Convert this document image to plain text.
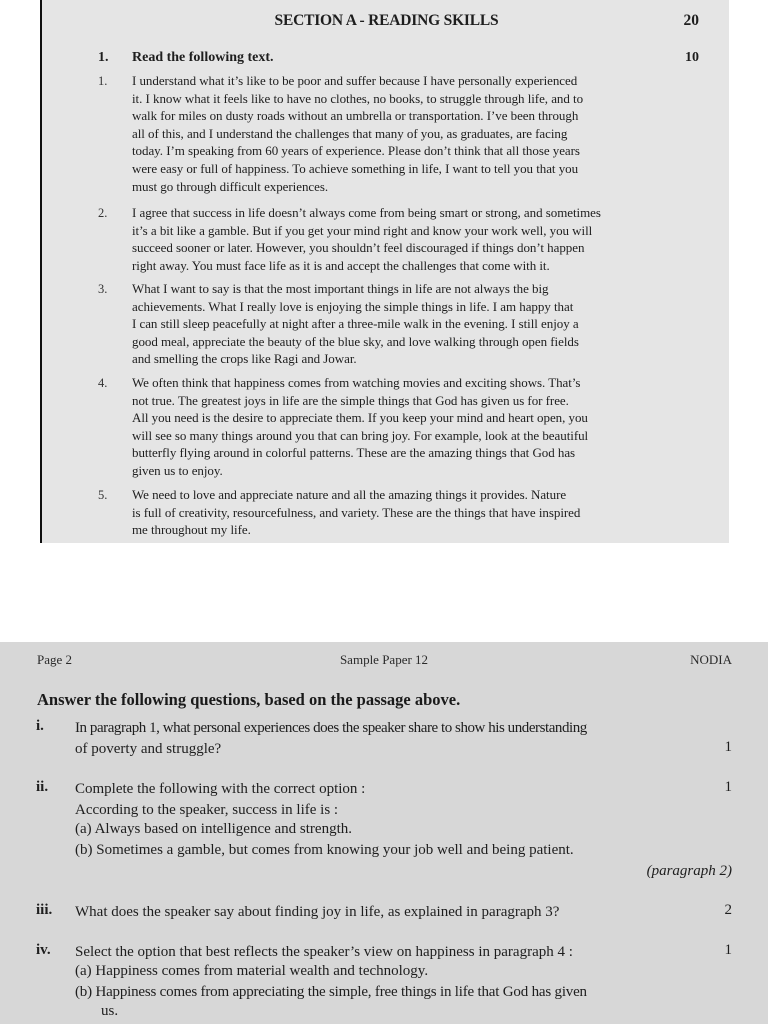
SECTION A - READING SKILLS	20
1. Read the following text.	10
1. I understand what it’s like to be poor and suffer because I have personally experienced
it. I know what it feels like to have no clothes, no books, to struggle through life, and to
walk for miles on dusty roads without an umbrella or transportation. I’ve been through
all of this, and I understand the challenges that many of you, as graduates, are facing
today. I’m speaking from 60 years of experience. Please don’t think that all those years
were easy or full of happiness. To achieve something in life, I want to tell you that you
must go through difficult experiences.
2. I agree that success in life doesn’t always come from being smart or strong, and sometimes
it’s a bit like a gamble. But if you get your mind right and know your work well, you will
succeed sooner or later. However, you shouldn’t feel discouraged if things don’t happen
right away. You must face life as it is and accept the challenges that come with it.
3. What I want to say is that the most important things in life are not always the big
achievements. What I really love is enjoying the simple things in life. I am happy that
I can still sleep peacefully at night after a three-mile walk in the evening. I still enjoy a
good meal, appreciate the beauty of the blue sky, and love walking through open fields
and smelling the crops like Ragi and Jowar.
4. We often think that happiness comes from watching movies and exciting shows. That’s
not true. The greatest joys in life are the simple things that God has given us for free.
All you need is the desire to appreciate them. If you keep your mind and heart open, you
will see so many things around you that can bring joy. For example, look at the beautiful
butterfly flying around in colorful patterns. These are the amazing things that God has
given us to enjoy.
5. We need to love and appreciate nature and all the amazing things it provides. Nature
is full of creativity, resourcefulness, and variety. These are the things that have inspired
me throughout my life.
Page 2	Sample Paper 12	NODIA
Answer the following questions, based on the passage above.
i. In paragraph 1, what personal experiences does the speaker share to show his understanding
of poverty and struggle?	1
ii. Complete the following with the correct option :	1
According to the speaker, success in life is :
(a) Always based on intelligence and strength.
(b) Sometimes a gamble, but comes from knowing your job well and being patient.
(paragraph 2)
iii. What does the speaker say about finding joy in life, as explained in paragraph 3?	2
iv. Select the option that best reflects the speaker’s view on happiness in paragraph 4 :	1
(a) Happiness comes from material wealth and technology.
(b) Happiness comes from appreciating the simple, free things in life that God has given
us.
